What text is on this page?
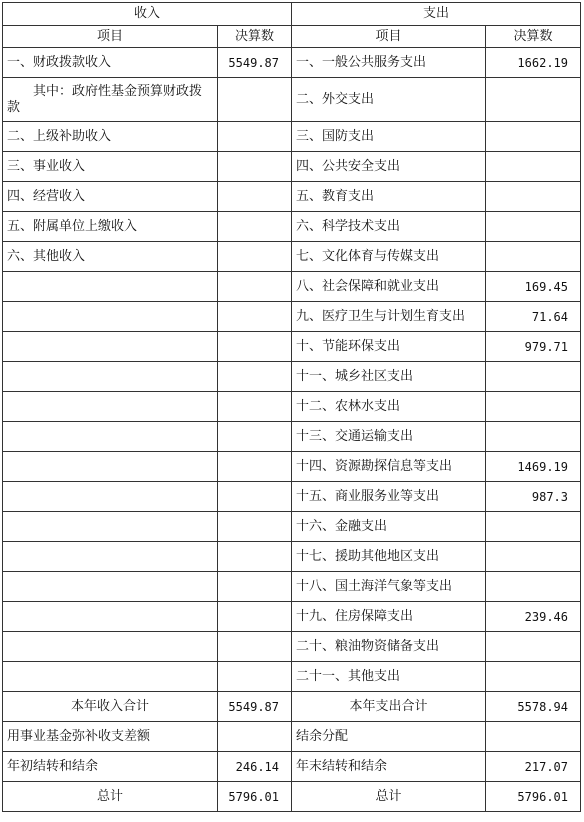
收入		支出	
项目	决算数	项目	决算数
一、财政拨款收入	5549.87	一、一般公共服务支出	1662.19
其中：政府性基金预算财政拨款		二、外交支出	
二、上级补助收入		三、国防支出	
三、事业收入		四、公共安全支出	
四、经营收入		五、教育支出	
五、附属单位上缴收入		六、科学技术支出	
六、其他收入		七、文化体育与传媒支出	
		八、社会保障和就业支出	169.45
		九、医疗卫生与计划生育支出	71.64
		十、节能环保支出	979.71
		十一、城乡社区支出	
		十二、农林水支出	
		十三、交通运输支出	
		十四、资源勘探信息等支出	1469.19
		十五、商业服务业等支出	987.3
		十六、金融支出	
		十七、援助其他地区支出	
		十八、国土海洋气象等支出	
		十九、住房保障支出	239.46
		二十、粮油物资储备支出	
		二十一、其他支出	
本年收入合计	5549.87	本年支出合计	5578.94
用事业基金弥补收支差额		结余分配	
年初结转和结余	246.14	年末结转和结余	217.07
总计	5796.01	总计	5796.01
